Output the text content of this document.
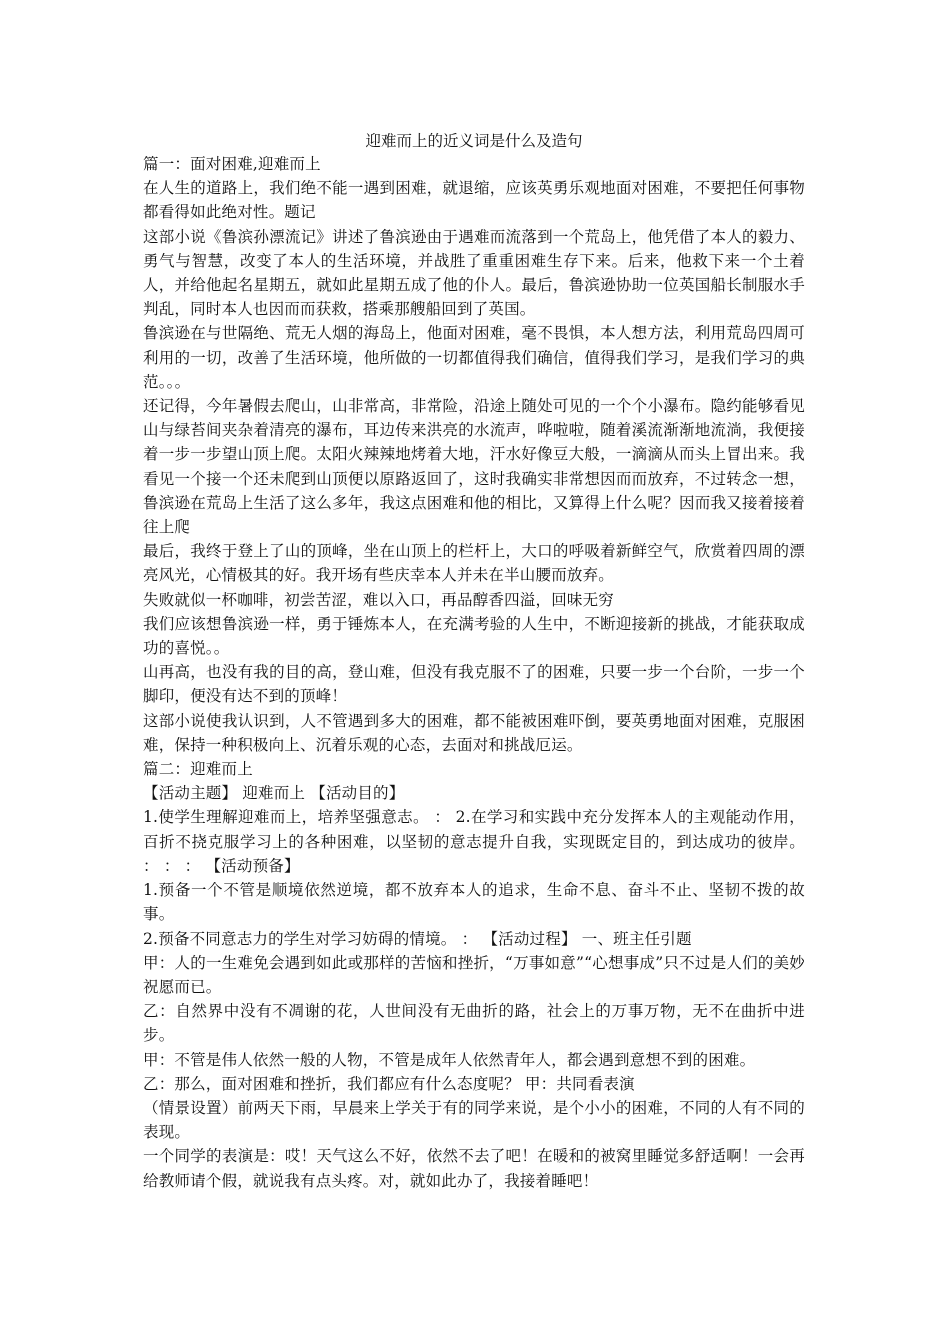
迎难而上的近义词是什么及造句

篇一：面对困难,迎难而上

在人生的道路上，我们绝不能一遇到困难，就退缩，应该英勇乐观地面对困难，不要把任何事物都看得如此绝对性。题记

这部小说《鲁滨孙漂流记》讲述了鲁滨逊由于遇难而流落到一个荒岛上，他凭借了本人的毅力、勇气与智慧，改变了本人的生活环境，并战胜了重重困难生存下来。后来，他救下来一个土着人，并给他起名星期五，就如此星期五成了他的仆人。最后，鲁滨逊协助一位英国船长制服水手判乱，同时本人也因而而获救，搭乘那艘船回到了英国。

鲁滨逊在与世隔绝、荒无人烟的海岛上，他面对困难，毫不畏惧，本人想方法，利用荒岛四周可利用的一切，改善了生活环境，他所做的一切都值得我们确信，值得我们学习，是我们学习的典范。。。

还记得，今年暑假去爬山，山非常高，非常险，沿途上随处可见的一个个小瀑布。隐约能够看见山与绿苔间夹杂着清亮的瀑布，耳边传来洪亮的水流声，哗啦啦，随着溪流渐渐地流淌，我便接着一步一步望山顶上爬。太阳火辣辣地烤着大地，汗水好像豆大般，一滴滴从而头上冒出来。我看见一个接一个还未爬到山顶便以原路返回了，这时我确实非常想因而而放弃，不过转念一想，鲁滨逊在荒岛上生活了这么多年，我这点困难和他的相比，又算得上什么呢？因而我又接着接着往上爬

最后，我终于登上了山的顶峰，坐在山顶上的栏杆上，大口的呼吸着新鲜空气，欣赏着四周的漂亮风光，心情极其的好。我开场有些庆幸本人并未在半山腰而放弃。

失败就似一杯咖啡，初尝苦涩，难以入口，再品醇香四溢，回味无穷

我们应该想鲁滨逊一样，勇于锤炼本人，在充满考验的人生中，不断迎接新的挑战，才能获取成功的喜悦。。

山再高，也没有我的目的高，登山难，但没有我克服不了的困难，只要一步一个台阶，一步一个脚印，便没有达不到的顶峰！

这部小说使我认识到，人不管遇到多大的困难，都不能被困难吓倒，要英勇地面对困难，克服困难，保持一种积极向上、沉着乐观的心态，去面对和挑战厄运。

篇二：迎难而上

【活动主题】 迎难而上 【活动目的】

1.使学生理解迎难而上，培养坚强意志。 ： 2.在学习和实践中充分发挥本人的主观能动作用，百折不挠克服学习上的各种困难，以坚韧的意志提升自我，实现既定目的，到达成功的彼岸。 ： ： ： 【活动预备】

1.预备一个不管是顺境依然逆境，都不放弃本人的追求，生命不息、奋斗不止、坚韧不拨的故事。

2.预备不同意志力的学生对学习妨碍的情境。 ： 【活动过程】 一、班主任引题

甲：人的一生难免会遇到如此或那样的苦恼和挫折，“万事如意”“心想事成”只不过是人们的美妙祝愿而已。

乙：自然界中没有不凋谢的花，人世间没有无曲折的路，社会上的万事万物，无不在曲折中进步。

甲：不管是伟人依然一般的人物，不管是成年人依然青年人，都会遇到意想不到的困难。

乙：那么，面对困难和挫折，我们都应有什么态度呢？ 甲：共同看表演

（情景设置）前两天下雨，早晨来上学关于有的同学来说，是个小小的困难，不同的人有不同的表现。

一个同学的表演是：哎！天气这么不好，依然不去了吧！在暖和的被窝里睡觉多舒适啊！一会再给教师请个假，就说我有点头疼。对，就如此办了，我接着睡吧！
